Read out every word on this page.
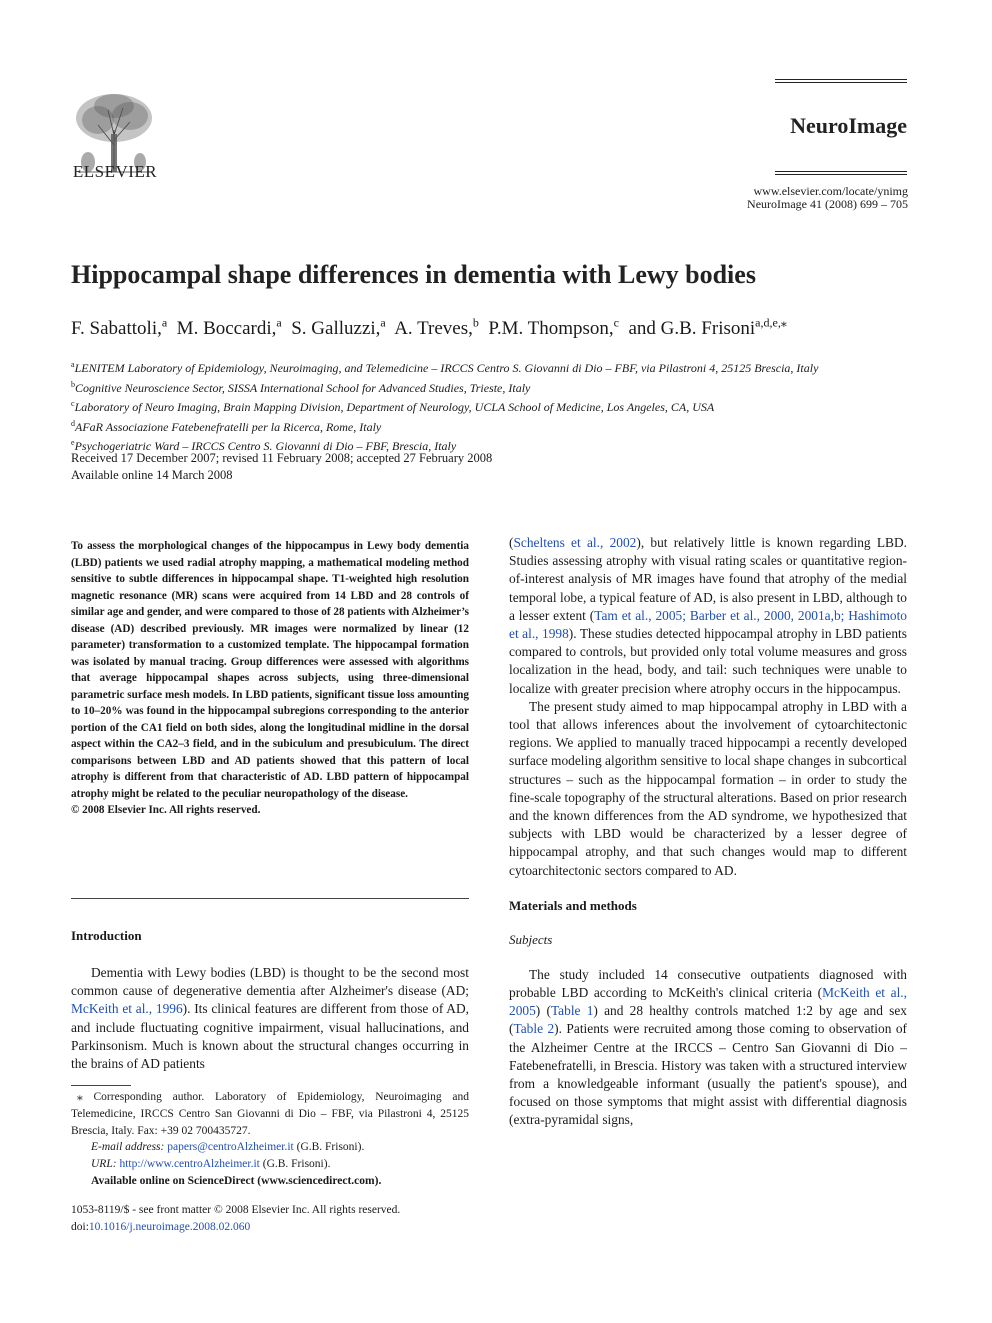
ELSEVIER
NeuroImage
www.elsevier.com/locate/ynimg
NeuroImage 41 (2008) 699 – 705
Hippocampal shape differences in dementia with Lewy bodies
F. Sabattoli,$^a$ M. Boccardi,$^a$ S. Galluzzi,$^a$ A. Treves,$^b$ P.M. Thompson,$^c$ and G.B. Frisoni$^{a,d,e,⁎}$
$^a$LENITEM Laboratory of Epidemiology, Neuroimaging, and Telemedicine – IRCCS Centro S. Giovanni di Dio – FBF, via Pilastroni 4, 25125 Brescia, Italy
$^b$Cognitive Neuroscience Sector, SISSA International School for Advanced Studies, Trieste, Italy
$^c$Laboratory of Neuro Imaging, Brain Mapping Division, Department of Neurology, UCLA School of Medicine, Los Angeles, CA, USA
$^d$AFaR Associazione Fatebenefratelli per la Ricerca, Rome, Italy
$^e$Psychogeriatric Ward – IRCCS Centro S. Giovanni di Dio – FBF, Brescia, Italy
Received 17 December 2007; revised 11 February 2008; accepted 27 February 2008
Available online 14 March 2008

To assess the morphological changes of the hippocampus in Lewy body dementia (LBD) patients we used radial atrophy mapping, a mathematical modeling method sensitive to subtle differences in hippocampal shape. T1-weighted high resolution magnetic resonance (MR) scans were acquired from 14 LBD and 28 controls of similar age and gender, and were compared to those of 28 patients with Alzheimer’s disease (AD) described previously. MR images were normalized by linear (12 parameter) transformation to a customized template. The hippocampal formation was isolated by manual tracing. Group differences were assessed with algorithms that average hippocampal shapes across subjects, using three-dimensional parametric surface mesh models. In LBD patients, significant tissue loss amounting to 10–20% was found in the hippocampal subregions corresponding to the anterior portion of the CA1 field on both sides, along the longitudinal midline in the dorsal aspect within the CA2–3 field, and in the subiculum and presubiculum. The direct comparisons between LBD and AD patients showed that this pattern of local atrophy is different from that characteristic of AD. LBD pattern of hippocampal atrophy might be related to the peculiar neuropathology of the disease.

© 2008 Elsevier Inc. All rights reserved.

Introduction

Dementia with Lewy bodies (LBD) is thought to be the second most common cause of degenerative dementia after Alzheimer's disease (AD; McKeith et al., 1996). Its clinical features are different from those of AD, and include fluctuating cognitive impairment, visual hallucinations, and Parkinsonism. Much is known about the structural changes occurring in the brains of AD patients

⁎ Corresponding author. Laboratory of Epidemiology, Neuroimaging and Telemedicine, IRCCS Centro San Giovanni di Dio – FBF, via Pilastroni 4, 25125 Brescia, Italy. Fax: +39 02 700435727.
E-mail address: papers@centroAlzheimer.it (G.B. Frisoni).
URL: http://www.centroAlzheimer.it (G.B. Frisoni).
Available online on ScienceDirect (www.sciencedirect.com).
1053-8119/$ - see front matter © 2008 Elsevier Inc. All rights reserved.
doi:10.1016/j.neuroimage.2008.02.060

(Scheltens et al., 2002), but relatively little is known regarding LBD. Studies assessing atrophy with visual rating scales or quantitative region-of-interest analysis of MR images have found that atrophy of the medial temporal lobe, a typical feature of AD, is also present in LBD, although to a lesser extent (Tam et al., 2005; Barber et al., 2000, 2001a,b; Hashimoto et al., 1998). These studies detected hippocampal atrophy in LBD patients compared to controls, but provided only total volume measures and gross localization in the head, body, and tail: such techniques were unable to localize with greater precision where atrophy occurs in the hippocampus.

The present study aimed to map hippocampal atrophy in LBD with a tool that allows inferences about the involvement of cytoarchitectonic regions. We applied to manually traced hippocampi a recently developed surface modeling algorithm sensitive to local shape changes in subcortical structures – such as the hippocampal formation – in order to study the fine-scale topography of the structural alterations. Based on prior research and the known differences from the AD syndrome, we hypothesized that subjects with LBD would be characterized by a lesser degree of hippocampal atrophy, and that such changes would map to different cytoarchitectonic sectors compared to AD.

Materials and methods
Subjects

The study included 14 consecutive outpatients diagnosed with probable LBD according to McKeith's clinical criteria (McKeith et al., 2005) (Table 1) and 28 healthy controls matched 1:2 by age and sex (Table 2). Patients were recruited among those coming to observation of the Alzheimer Centre at the IRCCS – Centro San Giovanni di Dio – Fatebenefratelli, in Brescia. History was taken with a structured interview from a knowledgeable informant (usually the patient's spouse), and focused on those symptoms that might assist with differential diagnosis (extra-pyramidal signs,
